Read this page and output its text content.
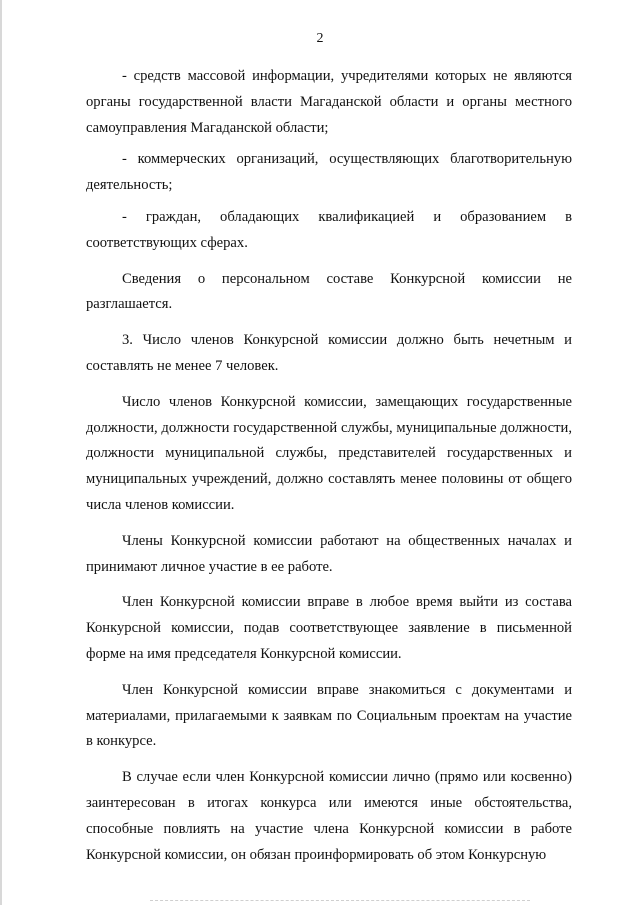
2

- средств массовой информации, учредителями которых не являются органы государственной власти Магаданской области и органы местного самоуправления Магаданской области;

- коммерческих организаций, осуществляющих благотворительную деятельность;

- граждан, обладающих квалификацией и образованием в соответствующих сферах.

Сведения о персональном составе Конкурсной комиссии не разглашается.

3. Число членов Конкурсной комиссии должно быть нечетным и составлять не менее 7 человек.

Число членов Конкурсной комиссии, замещающих государственные должности, должности государственной службы, муниципальные должности, должности муниципальной службы, представителей государственных и муниципальных учреждений, должно составлять менее половины от общего числа членов комиссии.

Члены Конкурсной комиссии работают на общественных началах и принимают личное участие в ее работе.

Член Конкурсной комиссии вправе в любое время выйти из состава Конкурсной комиссии, подав соответствующее заявление в письменной форме на имя председателя Конкурсной комиссии.

Член Конкурсной комиссии вправе знакомиться с документами и материалами, прилагаемыми к заявкам по Социальным проектам на участие в конкурсе.

В случае если член Конкурсной комиссии лично (прямо или косвенно) заинтересован в итогах конкурса или имеются иные обстоятельства, способные повлиять на участие члена Конкурсной комиссии в работе Конкурсной комиссии, он обязан проинформировать об этом Конкурсную
